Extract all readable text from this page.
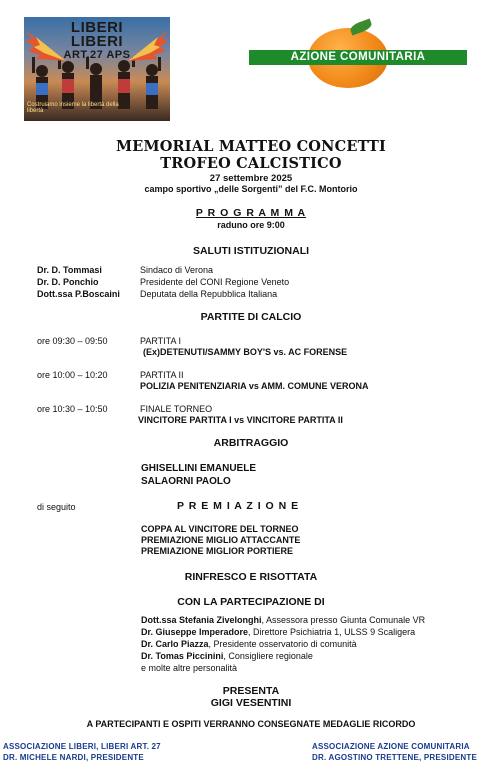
LIBERI
LIBERI
ART.27 APS
Costruiamo insieme la libertà della
libertà
AZIONE COMUNITARIA
MEMORIAL MATTEO CONCETTI
TROFEO CALCISTICO
27 settembre 2025
campo sportivo „delle Sorgenti” del F.C. Montorio
P R O G R A M M A
raduno ore 9:00
SALUTI ISTITUZIONALI
Dr. D. Tommasi	Sindaco di Verona
Dr. D. Ponchio	Presidente del CONI Regione Veneto
Dott.ssa P.Boscaini Deputata della Repubblica Italiana
PARTITE DI CALCIO
ore 09:30 – 09:50	PARTITA I
(Ex)DETENUTI/SAMMY BOY'S vs. AC FORENSE
ore 10:00 – 10:20	PARTITA II
POLIZIA PENITENZIARIA vs AMM. COMUNE VERONA
ore 10:30 – 10:50	FINALE TORNEO
VINCITORE PARTITA I vs VINCITORE PARTITA II
ARBITRAGGIO
GHISELLINI EMANUELE
SALAORNI PAOLO
di seguito	P R E M I A Z I O N E
COPPA AL VINCITORE DEL TORNEO
PREMIAZIONE MIGLIO ATTACCANTE
PREMIAZIONE MIGLIOR PORTIERE
RINFRESCO E RISOTTATA
CON LA PARTECIPAZIONE DI
Dott.ssa Stefania Zivelonghi, Assessora presso Giunta Comunale VR
Dr. Giuseppe Imperadore, Direttore Psichiatria 1, ULSS 9 Scaligera
Dr. Carlo Piazza, Presidente osservatorio di comunità
Dr. Tomas Piccinini, Consigliere regionale
e molte altre personalità
PRESENTA
GIGI VESENTINI
A PARTECIPANTI E OSPITI VERRANNO CONSEGNATE MEDAGLIE RICORDO
ASSOCIAZIONE LIBERI, LIBERI ART. 27
DR. MICHELE NARDI, PRESIDENTE
ASSOCIAZIONE AZIONE COMUNITARIA
DR. AGOSTINO TRETTENE, PRESIDENTE
